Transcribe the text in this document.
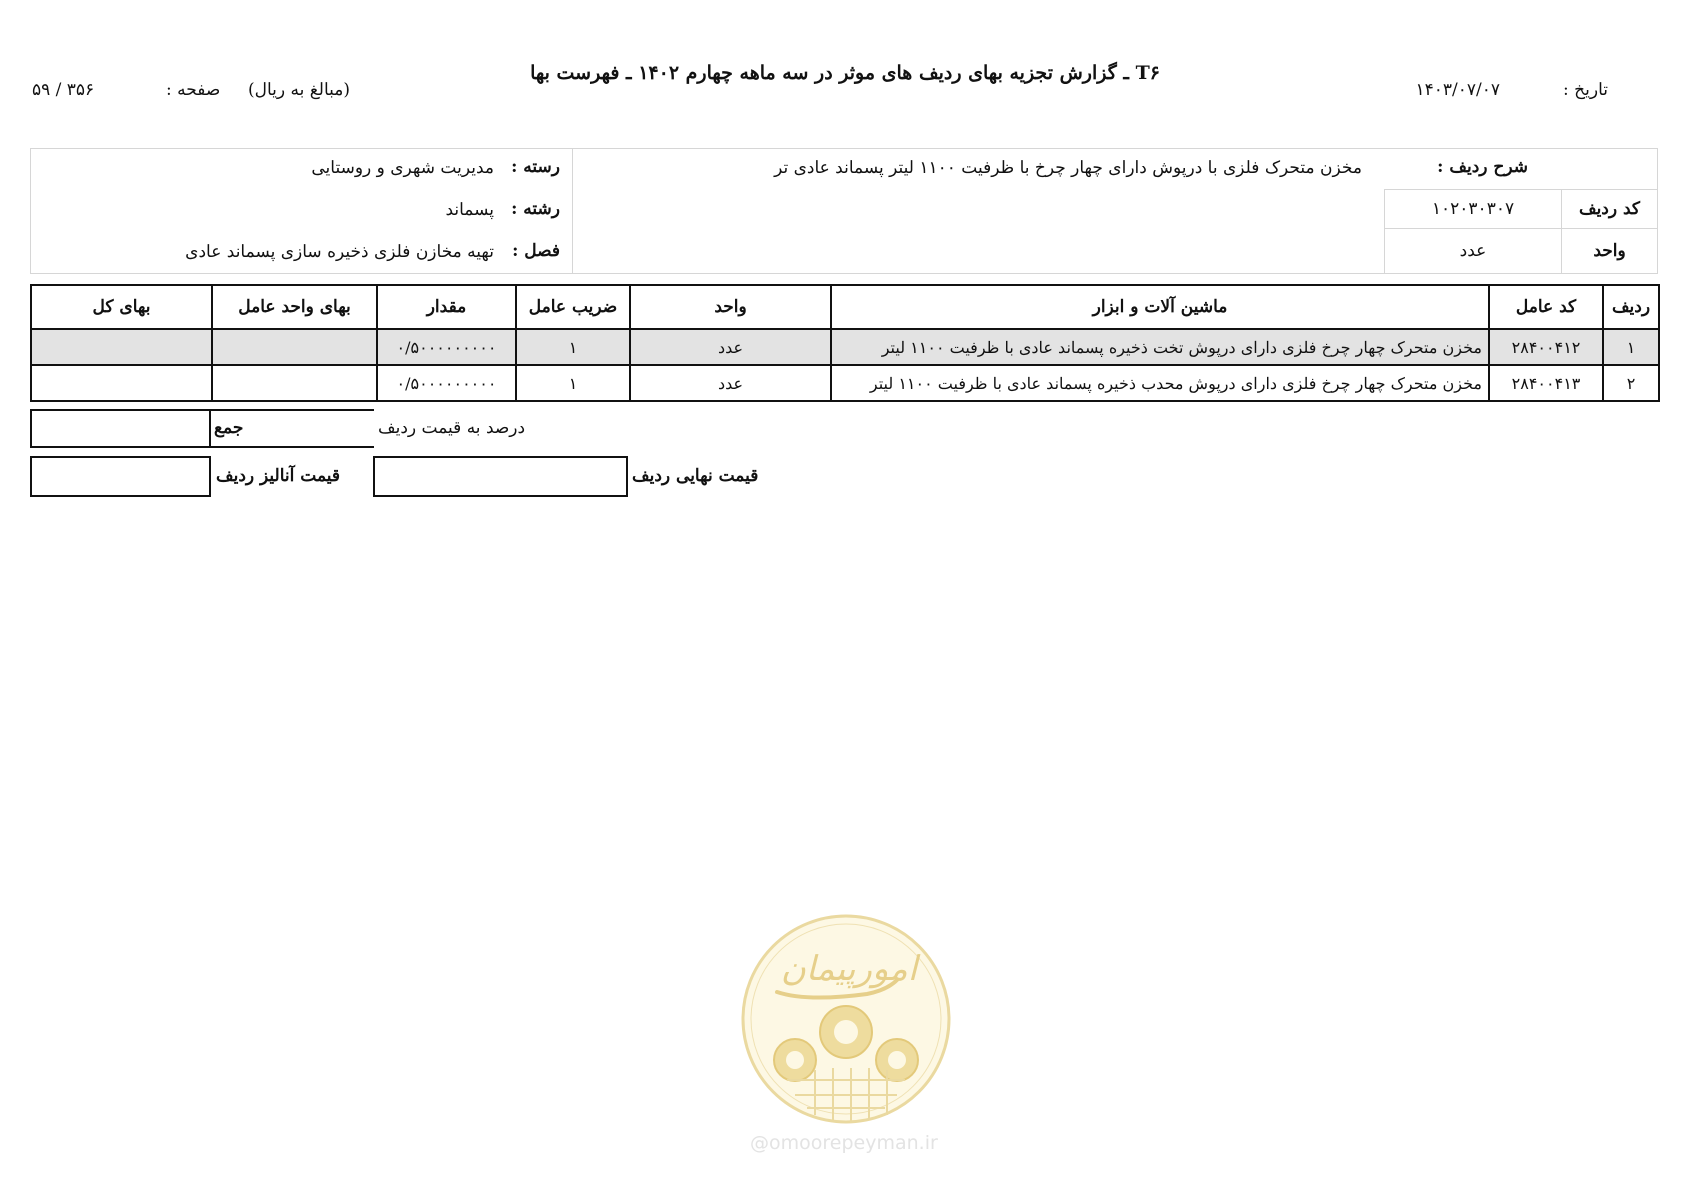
T۶ ـ گزارش تجزیه بهای ردیف های موثر در سه ماهه چهارم ۱۴۰۲ ـ فهرست بها
تاریخ :
۱۴۰۳/۰۷/۰۷
(مبالغ به ریال)
صفحه :
۵۹ / ۳۵۶
شرح ردیف :
مخزن متحرک فلزی با درپوش دارای چهار چرخ با ظرفیت ۱۱۰۰ لیتر پسماند عادی تر
۱۰۲۰۳۰۳۰۷	کد ردیف
عدد	واحد
رسته :
مدیریت شهری و روستایی
رشته :
پسماند
فصل :
تهیه مخازن فلزی ذخیره سازی پسماند عادی
ردیف	کد عامل	ماشین آلات و ابزار	واحد	ضریب عامل	مقدار	بهای واحد عامل	بهای کل
۱	۲۸۴۰۰۴۱۲	مخزن متحرک چهار چرخ فلزی دارای درپوش تخت ذخیره پسماند عادی با ظرفیت ۱۱۰۰ لیتر	عدد	۱	۰/۵۰۰۰۰۰۰۰۰۰		
۲	۲۸۴۰۰۴۱۳	مخزن متحرک چهار چرخ فلزی دارای درپوش محدب ذخیره پسماند عادی با ظرفیت ۱۱۰۰ لیتر	عدد	۱	۰/۵۰۰۰۰۰۰۰۰۰		
جمع	درصد به قیمت ردیف
قیمت آنالیز ردیف	قیمت نهایی ردیف
امورپیمان
@omoorepeyman.ir
